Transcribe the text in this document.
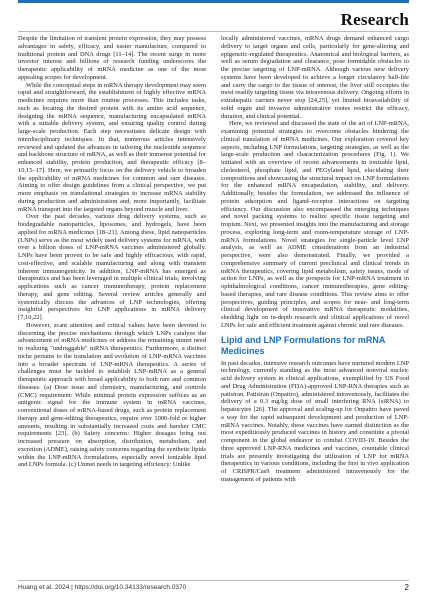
Research

Despite the limitation of transient protein expression, they may possess advantages in safety, efficacy, and easier manufacture, compared to traditional protein and DNA drugs [11–14]. The recent surge in more investor interest and billions of research funding underscores the therapeutic applicability of mRNA medicine as one of the most appealing scopes for development.

While the conceptual steps in mRNA therapy development may seem rapid and straightforward, the establishment of highly effective mRNA medicines requires more than routine processes. This includes tasks, such as locating the desired protein with its amino acid sequence, designing the mRNA sequence, manufacturing encapsulated mRNA with a suitable delivery system, and ensuring quality control during large-scale production. Each step necessitates delicate design with interdisciplinary techniques. In that, numerous articles intensively reviewed and updated the advances in tailoring the nucleotide sequence and backbone structure of mRNA, as well as their immense potential for enhanced stability, protein production, and therapeutic efficacy [8–10,15–17]. Here, we primarily focus on the delivery vehicle to broaden the applicability of mRNA medicines for common and rare diseases. Aiming to offer design guidelines from a clinical perspective, we put more emphasis on translational strategies to increase mRNA stability during production and administration and, more importantly, facilitate mRNA transport into the targeted organs beyond muscle and liver.

Over the past decades, various drug delivery systems, such as biodegradable nanoparticles, liposomes, and hydrogels, have been applied for mRNA medicines [18–21]. Among these, lipid nanoparticles (LNPs) serve as the most widely used delivery systems for mRNA, with over a billion doses of LNP-mRNA vaccines administered globally. LNPs have been proven to be safe and highly efficacious, with rapid, cost-effective, and scalable manufacturing and along with transient inherent immunogenicity. In addition, LNP-mRNA has emerged as therapeutics and has been leveraged in multiple clinical trials, involving applications such as cancer immunotherapy, protein replacement therapy, and gene editing. Several review articles generally and systemically discuss the advances of LNP technologies, offering insightful perspectives for LNP applications in mRNA delivery [7,10,22].

However, scant attention and critical values have been devoted to discerning the precise mechanisms through which LNPs catalyze the advancement of mRNA medicines or address the remaining unmet need in realizing "undruggable" mRNA therapeutics. Furthermore, a distinct niche pertains to the translation and evolution of LNP-mRNA vaccines into a broader spectrum of LNP-mRNA therapeutics. A series of challenges must be tackled to establish LNP-mRNA as a general therapeutic approach with broad applicability to both rare and common diseases. (a) Dose issue and chemistry, manufacturing, and controls (CMC) requirement: While minimal protein expression suffices as an antigenic signal for the immune system in mRNA vaccines, conventional doses of mRNA-based drugs, such as protein replacement therapy and gene-editing therapeutics, require over 1000-fold or higher amounts, resulting in substantially increased costs and harsher CMC requirements [23]. (b) Safety concerns: Higher dosages bring out increased pressure on absorption, distribution, metabolism, and excretion (ADME), raising safety concerns regarding the synthetic lipids within the LNP-mRNA formulations, especially novel ionizable lipid and LNPs formula. (c) Unmet needs in targeting efficiency: Unlike

locally administered vaccines, mRNA drugs demand enhanced cargo delivery to target organs and cells, particularly for gene-altering and epigenetic-regulated therapeutics. Anatomical and biological barriers, as well as serum degradation and clearance, pose formidable obstacles to the precise targeting of LNP-mRNA. Although various new delivery systems have been developed to achieve a longer circulatory half-life and carry the cargo to the tissue of interest, the liver still occupies the most readily targeting tissue via intravenous delivery. Ongoing efforts in extrahepatic carriers never stop [24,25], yet limited bioavailability of solid organ and invasive administrative routes restrict the efficacy, duration, and clinical potential.

Here, we reviewed and discussed the state of the art of LNP-mRNA, examining potential strategies to overcome obstacles hindering the clinical translation of mRNA medicines. Our exploration covered key aspects, including LNP formulations, targeting strategies, as well as the large-scale production and characterization procedures (Fig. 1). We initiated with an overview of recent advancements in ionizable lipid, cholesterol, phosphate lipid, and PEGylated lipid, elucidating their compositions and showcasing the structural impact on LNP formulations for the enhanced mRNA encapsulation, stability, and delivery. Additionally, besides the formulation, we addressed the influence of protein adsorption and ligand–receptor interactions on targeting efficiency. Our discussion also encompassed the emerging techniques and novel packing systems to realize specific tissue targeting and tropism. Next, we presented insights into the manufacturing and storage process, exploring long-term and room-temperature storage of LNP-mRNA formulations. Novel strategies for single-particle level LNP analysis, as well as ADME considerations from an industrial perspective, were also demonstrated. Finally, we provided a comprehensive summary of current preclinical and clinical trends in mRNA therapeutics, covering lipid metabolism, safety issues, mode of action for LNPs, as well as the prospects for LNP-mRNA treatment in ophthalmological conditions, cancer immunotherapies, gene editing-based therapies, and rare disease conditions. This review aims to offer perspectives, guiding principles, and scopes for near- and long-term clinical development of innovative mRNA therapeutic modalities, shedding light on in-depth research and clinical applications of novel LNPs for safe and efficient treatment against chronic and rare diseases.

Lipid and LNP Formulations for mRNA Medicines

In past decades, intensive research outcomes have nurtured modern LNP technology, currently standing as the most advanced nonviral nucleic acid delivery system in clinical applications, exemplified by US Food and Drug Administration (FDA)-approved LNP-RNA therapies such as patisiran. Patisiran (Onpattro), administered intravenously, facilitates the delivery of a 0.3 mg/kg dose of small interfering RNA (siRNA) to hepatocytes [26]. The approval and scaling-up for Onpattro have paved a way for the rapid subsequent development and production of LNP-mRNA vaccines. Notably, these vaccines have earned distinction as the most expeditiously produced vaccines in history and constitute a pivotal component in the global endeavor to combat COVID-19. Besides the three approved LNP-RNA medicines and vaccines, countable clinical trials are presently investigating the utilization of LNP for mRNA therapeutics in various conditions, including the first in vivo application of CRISPR/Cas9 treatment administered intravenously for the management of patients with

Huang et al. 2024 | https://doi.org/10.34133/research.0370	2
